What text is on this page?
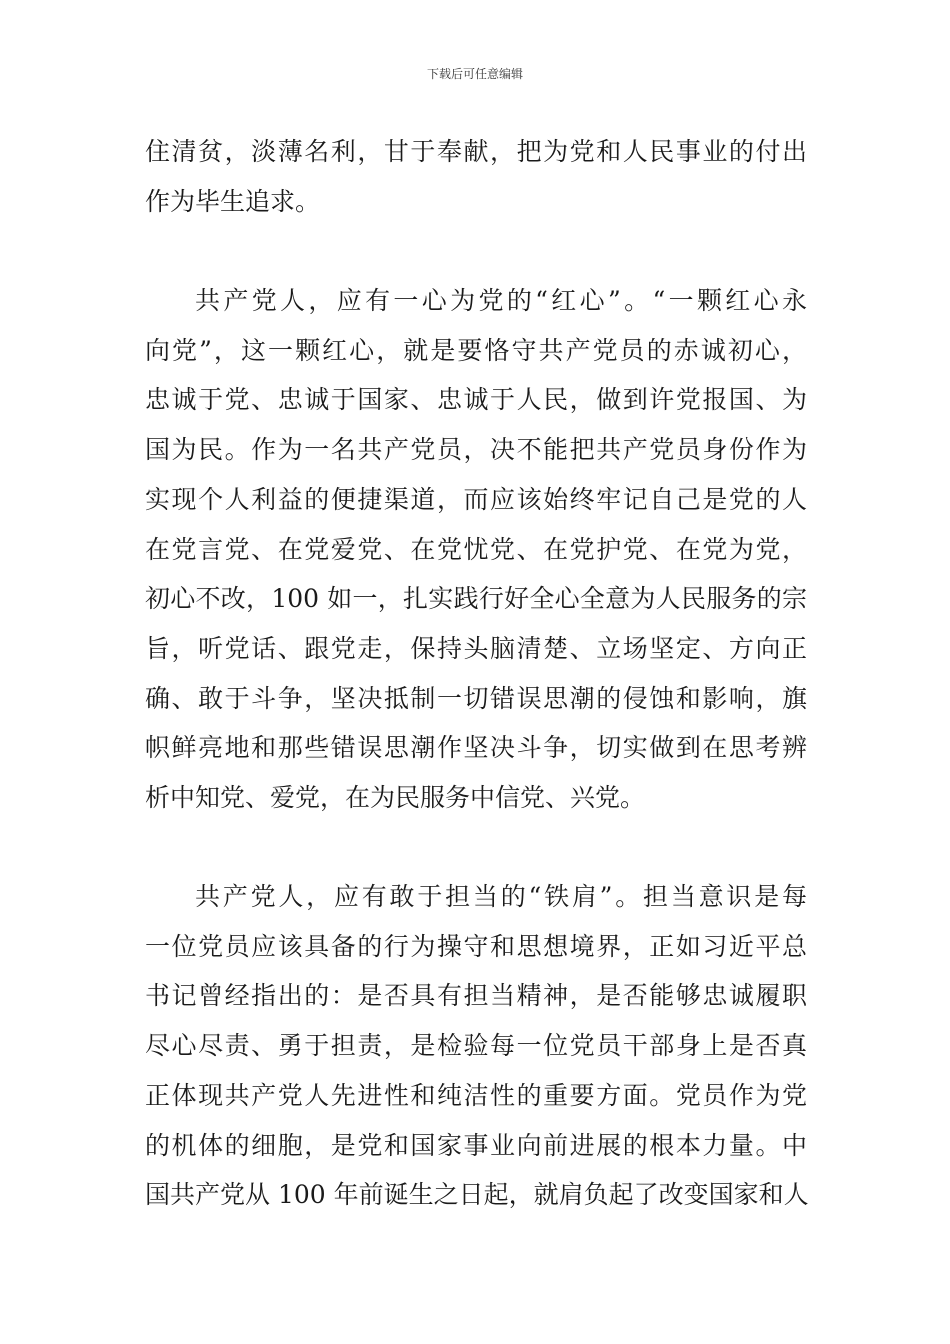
下载后可任意编辑
住清贫，淡薄名利，甘于奉献，把为党和人民事业的付出
作为毕生追求。
共产党人，应有一心为党的“红心”。“一颗红心永
向党”，这一颗红心，就是要恪守共产党员的赤诚初心，
忠诚于党、忠诚于国家、忠诚于人民，做到许党报国、为
国为民。作为一名共产党员，决不能把共产党员身份作为
实现个人利益的便捷渠道，而应该始终牢记自己是党的人
在党言党、在党爱党、在党忧党、在党护党、在党为党，
初心不改，100 如一，扎实践行好全心全意为人民服务的宗
旨，听党话、跟党走，保持头脑清楚、立场坚定、方向正
确、敢于斗争，坚决抵制一切错误思潮的侵蚀和影响，旗
帜鲜亮地和那些错误思潮作坚决斗争，切实做到在思考辨
析中知党、爱党，在为民服务中信党、兴党。
共产党人，应有敢于担当的“铁肩”。担当意识是每
一位党员应该具备的行为操守和思想境界，正如习近平总
书记曾经指出的：是否具有担当精神，是否能够忠诚履职
尽心尽责、勇于担责，是检验每一位党员干部身上是否真
正体现共产党人先进性和纯洁性的重要方面。党员作为党
的机体的细胞，是党和国家事业向前进展的根本力量。中
国共产党从 100 年前诞生之日起，就肩负起了改变国家和人
